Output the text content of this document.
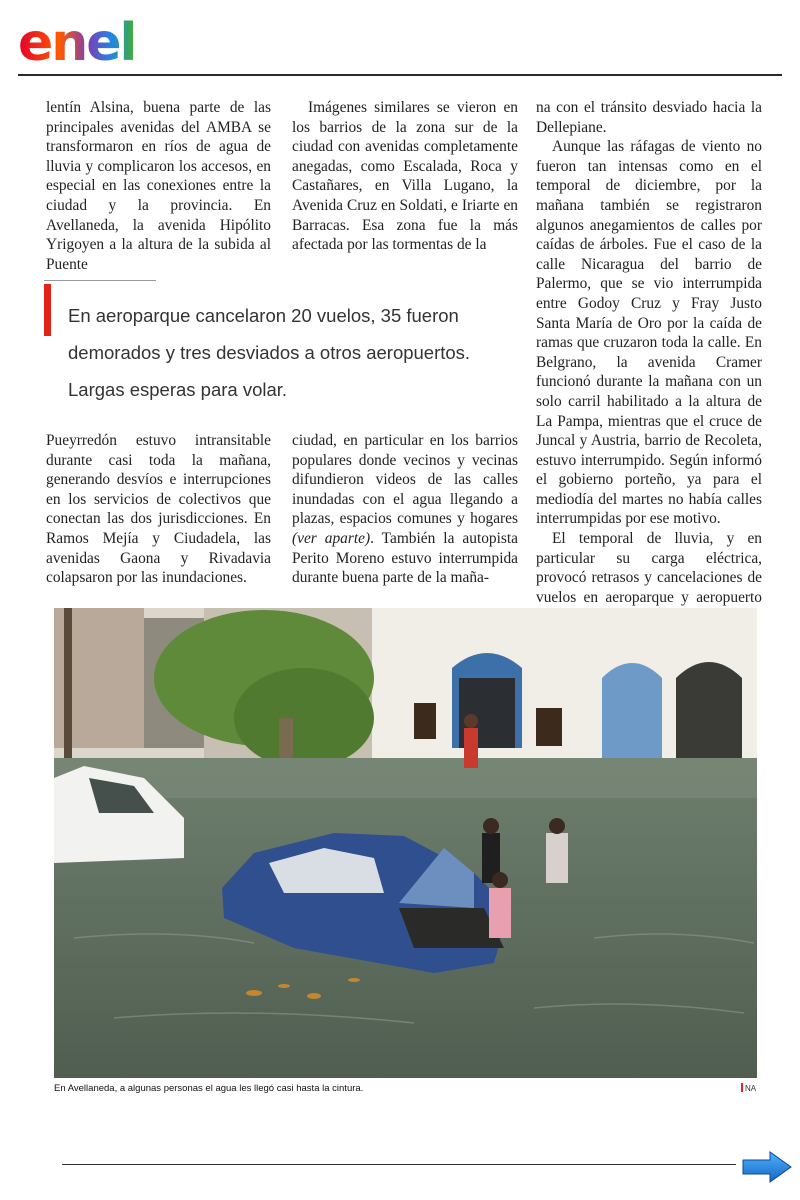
enel

lentín Alsina, buena parte de las principales avenidas del AMBA se transformaron en ríos de agua de lluvia y complicaron los accesos, en especial en las conexiones entre la ciudad y la provincia. En Avellaneda, la avenida Hipólito Yrigoyen a la altura de la subida al Puente

Imágenes similares se vieron en los barrios de la zona sur de la ciudad con avenidas completamente anegadas, como Escalada, Roca y Castañares, en Villa Lugano, la Avenida Cruz en Soldati, e Iriarte en Barracas. Esa zona fue la más afectada por las tormentas de la

na con el tránsito desviado hacia la Dellepiane.

Aunque las ráfagas de viento no fueron tan intensas como en el temporal de diciembre, por la mañana también se registraron algunos anegamientos de calles por caídas de árboles. Fue el caso de la calle Nicaragua del barrio de Palermo, que se vio interrumpida entre Godoy Cruz y Fray Justo Santa María de Oro por la caída de ramas que cruzaron toda la calle. En Belgrano, la avenida Cramer funcionó durante la mañana con un solo carril habilitado a la altura de La Pampa, mientras que el cruce de Juncal y Austria, barrio de Recoleta, estuvo interrumpido. Según informó el gobierno porteño, ya para el mediodía del martes no había calles interrumpidas por ese motivo.

El temporal de lluvia, y en particular su carga eléctrica, provocó retrasos y cancelaciones de vuelos en aeroparque y aeropuerto

En aeroparque cancelaron 20 vuelos, 35 fueron demorados y tres desviados a otros aeropuertos. Largas esperas para volar.

Pueyrredón estuvo intransitable durante casi toda la mañana, generando desvíos e interrupciones en los servicios de colectivos que conectan las dos jurisdicciones. En Ramos Mejía y Ciudadela, las avenidas Gaona y Rivadavia colapsaron por las inundaciones.

ciudad, en particular en los barrios populares donde vecinos y vecinas difundieron videos de las calles inundadas con el agua llegando a plazas, espacios comunes y hogares (ver aparte). También la autopista Perito Moreno estuvo interrumpida durante buena parte de la maña-

En Avellaneda, a algunas personas el agua les llegó casi hasta la cintura.	NA
